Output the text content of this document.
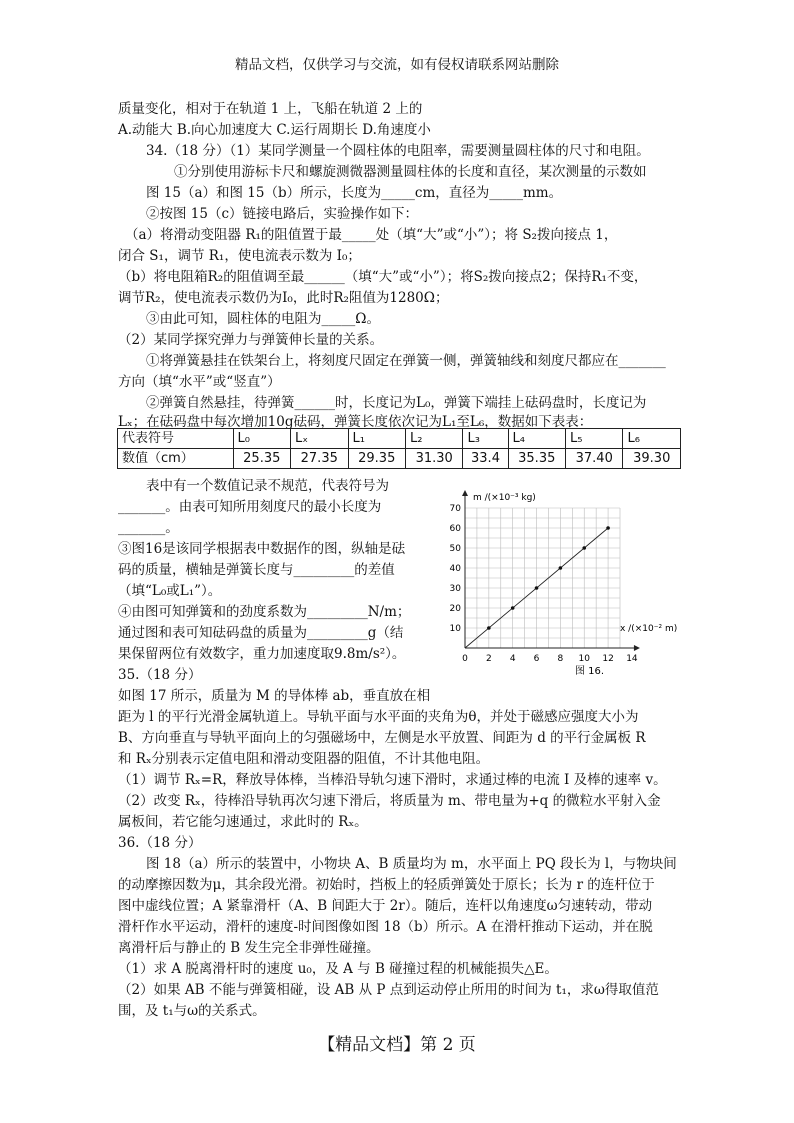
精品文档，仅供学习与交流，如有侵权请联系网站删除
质量变化，相对于在轨道 1 上，飞船在轨道 2 上的
A.动能大 B.向心加速度大 C.运行周期长 D.角速度小
34.（18 分）（1）某同学测量一个圆柱体的电阻率，需要测量圆柱体的尺寸和电阻。
①分别使用游标卡尺和螺旋测微器测量圆柱体的长度和直径，某次测量的示数如
图 15（a）和图 15（b）所示，长度为_____cm，直径为_____mm。
②按图 15（c）链接电路后，实验操作如下：
（a）将滑动变阻器 R₁的阻值置于最_____处（填“大”或“小”）；将 S₂拨向接点 1，
闭合 S₁，调节 R₁，使电流表示数为 I₀；
（b）将电阻箱R₂的阻值调至最______（填“大”或“小”）；将S₂拨向接点2；保持R₁不变，
调节R₂，使电流表示数仍为I₀，此时R₂阻值为1280Ω；
③由此可知，圆柱体的电阻为_____Ω。
（2）某同学探究弹力与弹簧伸长量的关系。
①将弹簧悬挂在铁架台上，将刻度尺固定在弹簧一侧，弹簧轴线和刻度尺都应在_______
方向（填“水平”或“竖直”）
②弹簧自然悬挂，待弹簧______时，长度记为L₀，弹簧下端挂上砝码盘时，长度记为
Lₓ；在砝码盘中每次增加10g砝码，弹簧长度依次记为L₁至L₆，数据如下表表：
代表符号	L₀	Lₓ	L₁	L₂	L₃	L₄	L₅	L₆
数值（cm）	25.35	27.35	29.35	31.30	33.4	35.35	37.40	39.30
表中有一个数值记录不规范，代表符号为
_______。由表可知所用刻度尺的最小长度为
_______。
③图16是该同学根据表中数据作的图，纵轴是砝
码的质量，横轴是弹簧长度与_________的差值
（填“L₀或L₁”）。
④由图可知弹簧和的劲度系数为_________N/m；
通过图和表可知砝码盘的质量为_________g（结
果保留两位有效数字，重力加速度取9.8m/s²）。
35.（18 分）
如图 17 所示，质量为 M 的导体棒 ab，垂直放在相
距为 l 的平行光滑金属轨道上。导轨平面与水平面的夹角为θ，并处于磁感应强度大小为
B、方向垂直与导轨平面向上的匀强磁场中，左侧是水平放置、间距为 d 的平行金属板 R
和 Rₓ分别表示定值电阻和滑动变阻器的阻值，不计其他电阻。
（1）调节 Rₓ=R，释放导体棒，当棒沿导轨匀速下滑时，求通过棒的电流 I 及棒的速率 v。
（2）改变 Rₓ，待棒沿导轨再次匀速下滑后，将质量为 m、带电量为+q 的微粒水平射入金
属板间，若它能匀速通过，求此时的 Rₓ。
36.（18 分）
图 18（a）所示的装置中，小物块 A、B 质量均为 m，水平面上 PQ 段长为 l，与物块间
的动摩擦因数为μ，其余段光滑。初始时，挡板上的轻质弹簧处于原长；长为 r 的连杆位于
图中虚线位置；A 紧靠滑杆（A、B 间距大于 2r）。随后，连杆以角速度ω匀速转动，带动
滑杆作水平运动，滑杆的速度-时间图像如图 18（b）所示。A 在滑杆推动下运动，并在脱
离滑杆后与静止的 B 发生完全非弹性碰撞。
（1）求 A 脱离滑杆时的速度 u₀，及 A 与 B 碰撞过程的机械能损失△E。
（2）如果 AB 不能与弹簧相碰，设 AB 从 P 点到运动停止所用的时间为 t₁，求ω得取值范
围，及 t₁与ω的关系式。
0 2 4 6 8 10 12 14
10
20
30
40
50
60
70
m /(×10⁻³ kg)
x /(×10⁻² m)
图 16.
【精品文档】第 2 页
